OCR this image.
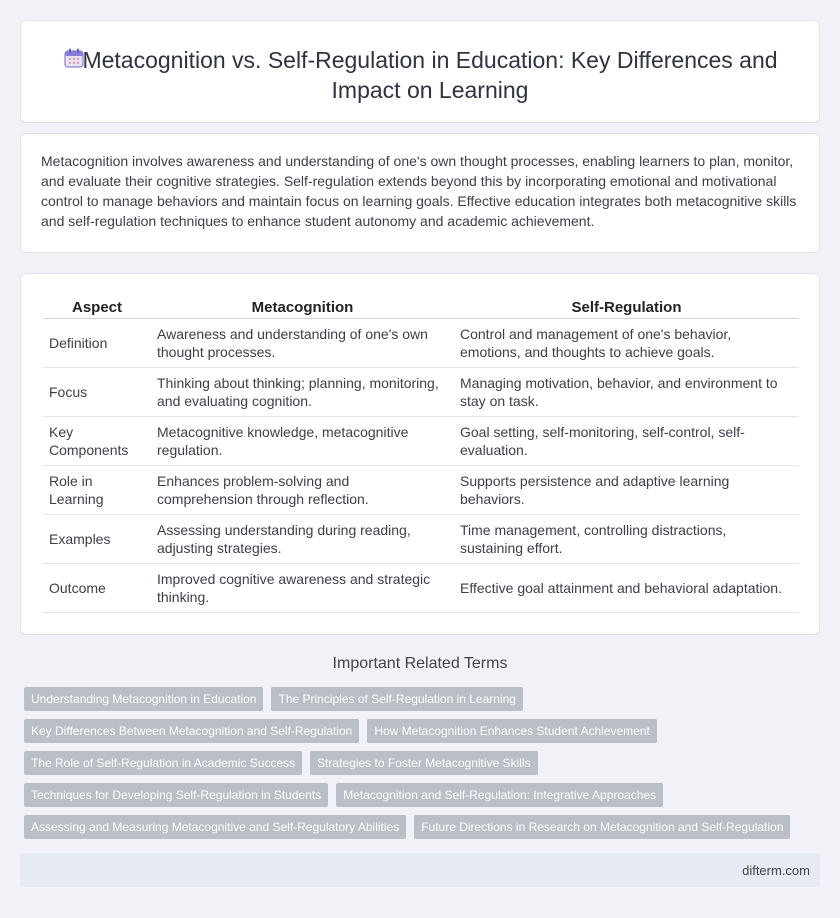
Metacognition vs. Self-Regulation in Education: Key Differences and Impact on Learning

Metacognition involves awareness and understanding of one's own thought processes, enabling learners to plan, monitor, and evaluate their cognitive strategies. Self-regulation extends beyond this by incorporating emotional and motivational control to manage behaviors and maintain focus on learning goals. Effective education integrates both metacognitive skills and self-regulation techniques to enhance student autonomy and academic achievement.

Aspect	Metacognition	Self-Regulation
Definition	Awareness and understanding of one's own thought processes.	Control and management of one's behavior, emotions, and thoughts to achieve goals.
Focus	Thinking about thinking; planning, monitoring, and evaluating cognition.	Managing motivation, behavior, and environment to stay on task.
Key Components	Metacognitive knowledge, metacognitive regulation.	Goal setting, self-monitoring, self-control, self-evaluation.
Role in Learning	Enhances problem-solving and comprehension through reflection.	Supports persistence and adaptive learning behaviors.
Examples	Assessing understanding during reading, adjusting strategies.	Time management, controlling distractions, sustaining effort.
Outcome	Improved cognitive awareness and strategic thinking.	Effective goal attainment and behavioral adaptation.
Important Related Terms
Understanding Metacognition in Education	The Principles of Self-Regulation in Learning
Key Differences Between Metacognition and Self-Regulation	How Metacognition Enhances Student Achievement
The Role of Self-Regulation in Academic Success	Strategies to Foster Metacognitive Skills
Techniques for Developing Self-Regulation in Students	Metacognition and Self-Regulation: Integrative Approaches
Assessing and Measuring Metacognitive and Self-Regulatory Abilities	Future Directions in Research on Metacognition and Self-Regulation
difterm.com
